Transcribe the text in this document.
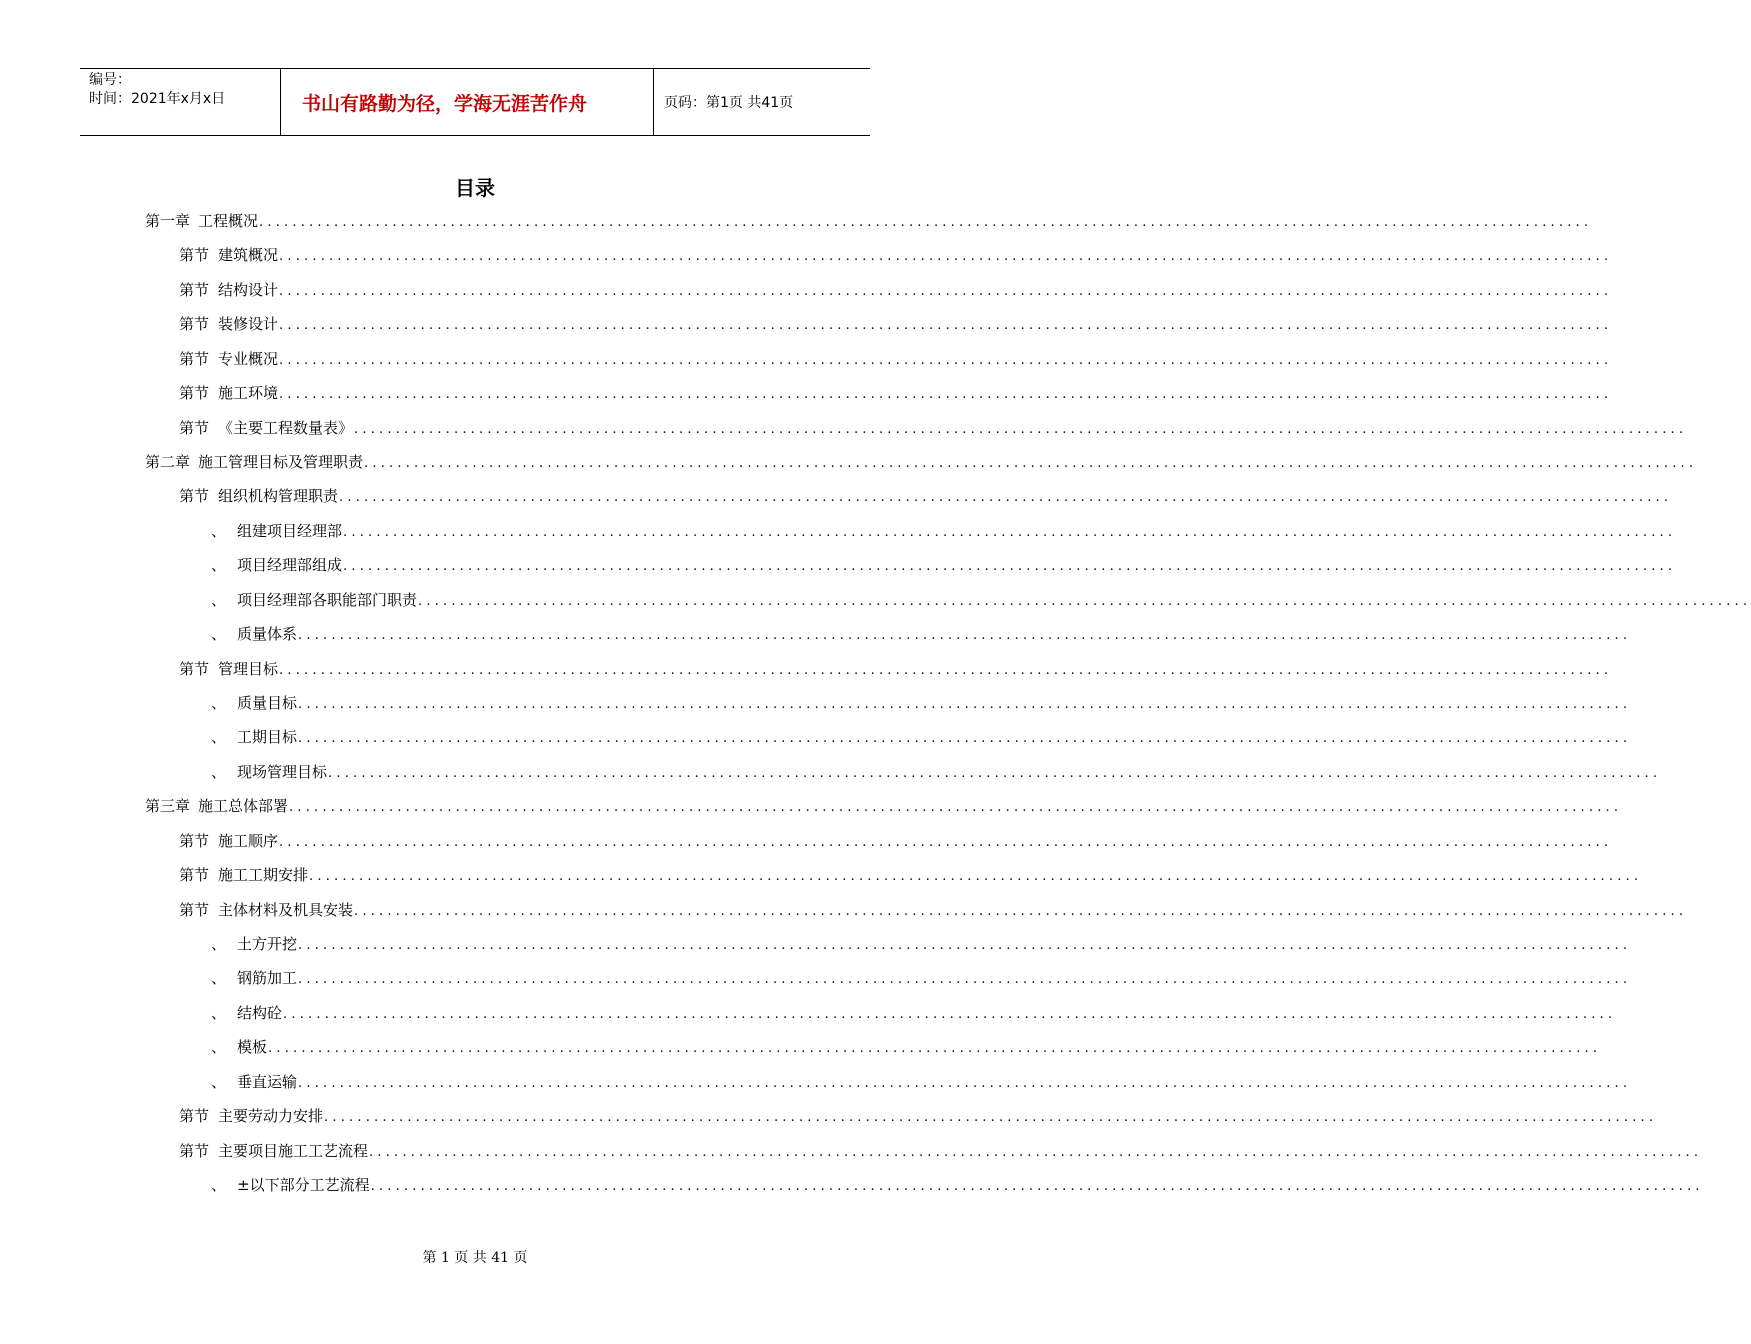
编号：
时间：2021年x月x日	书山有路勤为径，学海无涯苦作舟	页码：第1页 共41页
目录
第一章 工程概况 ................................................................................................................................................................
第节 建筑概况 ................................................................................................................................................................
第节 结构设计 ................................................................................................................................................................
第节 装修设计 ................................................................................................................................................................
第节 专业概况 ................................................................................................................................................................
第节 施工环境 ................................................................................................................................................................
第节 《主要工程数量表》 ................................................................................................................................................................
第二章 施工管理目标及管理职责 ................................................................................................................................................................
第节 组织机构管理职责 ................................................................................................................................................................
、 组建项目经理部 ................................................................................................................................................................
、 项目经理部组成 ................................................................................................................................................................
、 项目经理部各职能部门职责 ................................................................................................................................................................
、 质量体系 ................................................................................................................................................................
第节 管理目标 ................................................................................................................................................................
、 质量目标 ................................................................................................................................................................
、 工期目标 ................................................................................................................................................................
、 现场管理目标 ................................................................................................................................................................
第三章 施工总体部署 ................................................................................................................................................................
第节 施工顺序 ................................................................................................................................................................
第节 施工工期安排 ................................................................................................................................................................
第节 主体材料及机具安装 ................................................................................................................................................................
、 土方开挖 ................................................................................................................................................................
、 钢筋加工 ................................................................................................................................................................
、 结构砼 ................................................................................................................................................................
、 模板 ................................................................................................................................................................
、 垂直运输 ................................................................................................................................................................
第节 主要劳动力安排 ................................................................................................................................................................
第节 主要项目施工工艺流程 ................................................................................................................................................................
、 ±以下部分工艺流程 ................................................................................................................................................................
第 1 页 共 41 页
